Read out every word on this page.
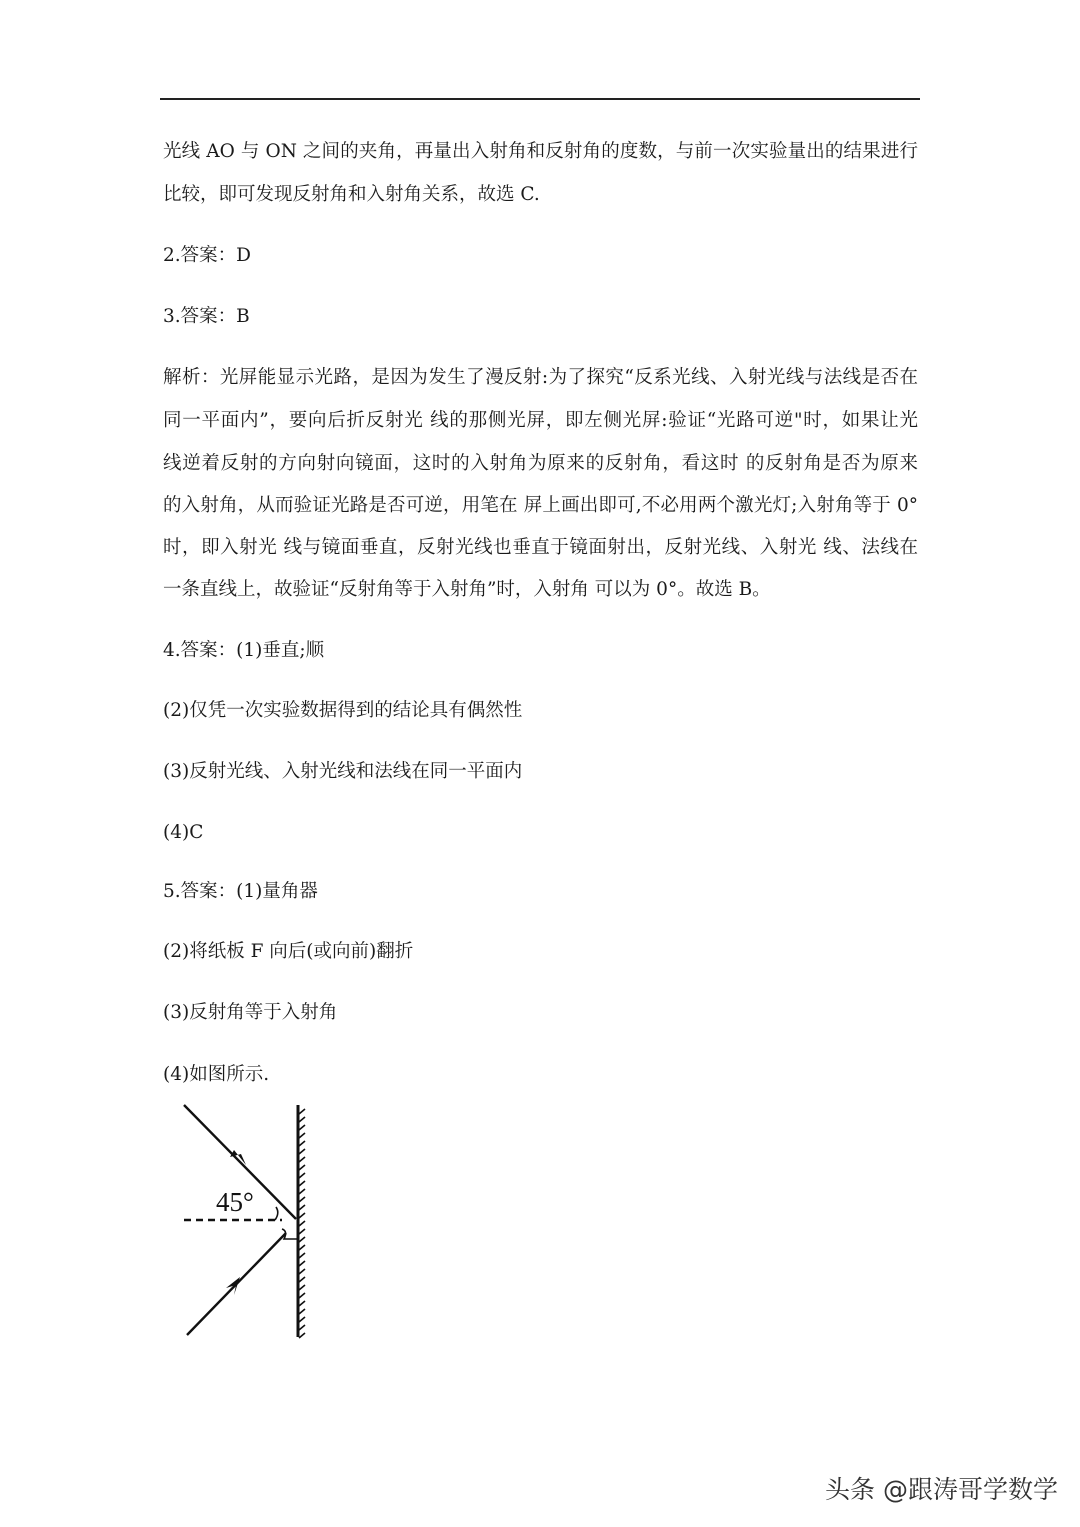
光线 AO 与 ON 之间的夹角，再量出入射角和反射角的度数，与前一次实验量出的结果进行
比较，即可发现反射角和入射角关系，故选 C.
2.答案：D
3.答案：B
解析：光屏能显示光路，是因为发生了漫反射:为了探究“反系光线、入射光线与法线是否在
同一平面内”，要向后折反射光 线的那侧光屏，即左侧光屏:验证“光路可逆"时，如果让光
线逆着反射的方向射向镜面，这时的入射角为原来的反射角，看这时 的反射角是否为原来
的入射角，从而验证光路是否可逆，用笔在 屏上画出即可,不必用两个激光灯;入射角等于 0°
时，即入射光 线与镜面垂直，反射光线也垂直于镜面射出，反射光线、入射光 线、法线在
一条直线上，故验证“反射角等于入射角”时，入射角 可以为 0°。故选 B。
4.答案：(1)垂直;顺
(2)仅凭一次实验数据得到的结论具有偶然性
(3)反射光线、入射光线和法线在同一平面内
(4)C
5.答案：(1)量角器
(2)将纸板 F 向后(或向前)翻折
(3)反射角等于入射角
(4)如图所示.
45°
头条 @跟涛哥学数学
